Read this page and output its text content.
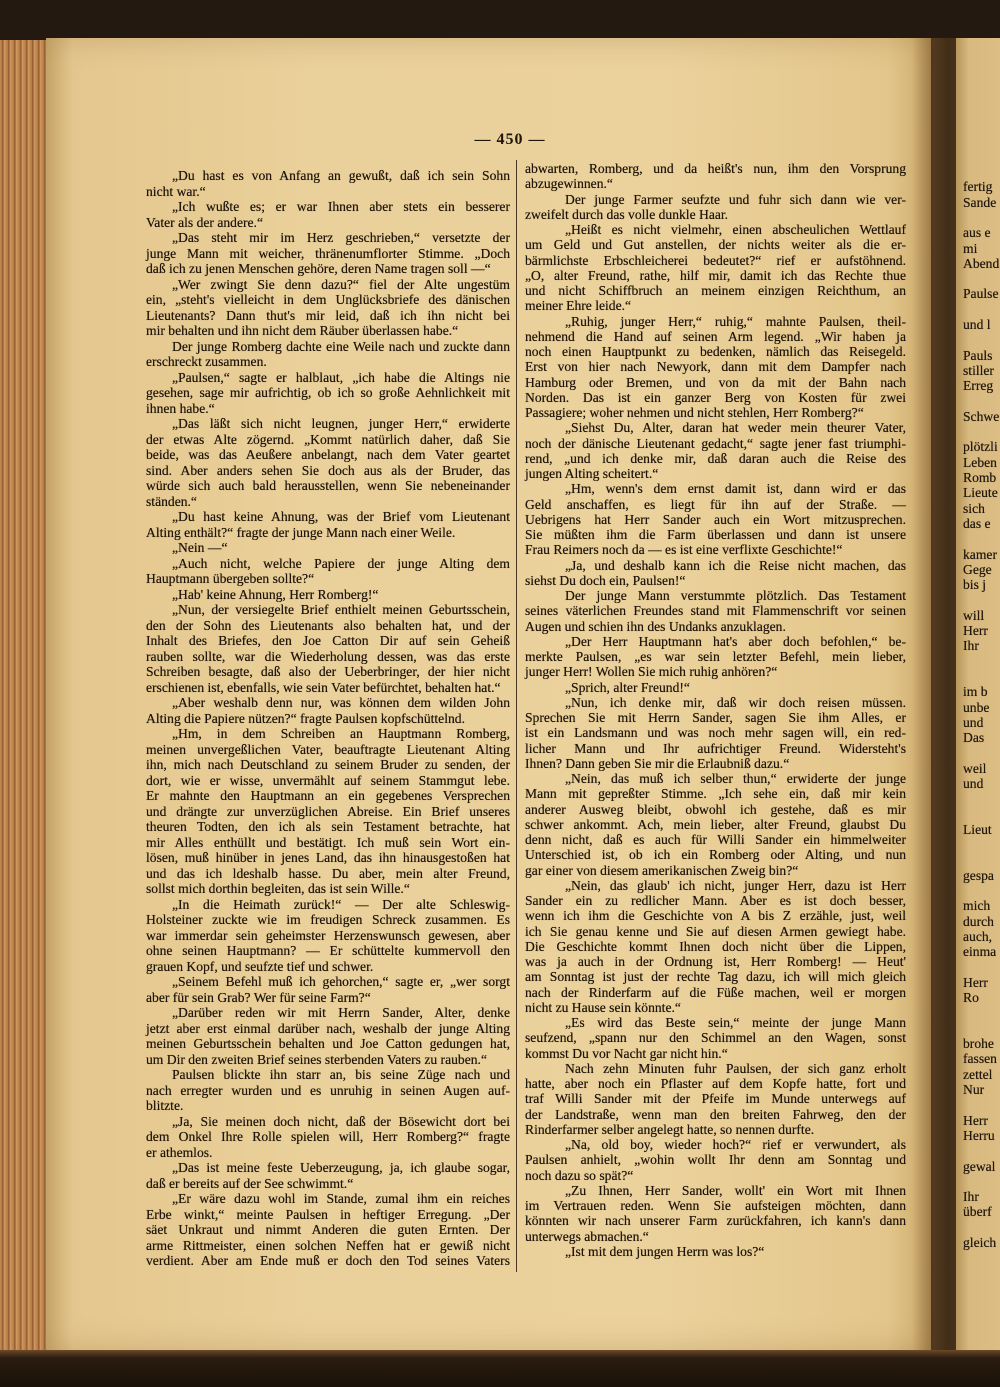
fertig
Sande
aus e
mi
Abend
Paulse
und l
Pauls
stiller
Erreg
Schwe
plötzli
Leben
Romb
Lieute
sich
das e
kamer
Gege
bis j
will
Herr
Ihr
im b
unbe
und
Das
weil
und
Lieut
gespa
mich
durch
auch,
einma
Herr
Ro
brohe
fassen
zettel
Nur
Herr
Herru
gewal
Ihr
überf
gleich
— 450 —
„Du hast es von Anfang an gewußt, daß ich sein Sohn
nicht war.“
„Ich wußte es; er war Ihnen aber stets ein besserer
Vater als der andere.“
„Das steht mir im Herz geschrieben,“ versetzte der
junge Mann mit weicher, thränenumflorter Stimme. „Doch
daß ich zu jenen Menschen gehöre, deren Name tragen soll —“
„Wer zwingt Sie denn dazu?“ fiel der Alte ungestüm
ein, „steht's vielleicht in dem Unglücksbriefe des dänischen
Lieutenants? Dann thut's mir leid, daß ich ihn nicht bei
mir behalten und ihn nicht dem Räuber überlassen habe.“
Der junge Romberg dachte eine Weile nach und zuckte dann
erschreckt zusammen.
„Paulsen,“ sagte er halblaut, „ich habe die Altings nie
gesehen, sage mir aufrichtig, ob ich so große Aehnlichkeit mit
ihnen habe.“
„Das läßt sich nicht leugnen, junger Herr,“ erwiderte
der etwas Alte zögernd. „Kommt natürlich daher, daß Sie
beide, was das Aeußere anbelangt, nach dem Vater geartet
sind. Aber anders sehen Sie doch aus als der Bruder, das
würde sich auch bald herausstellen, wenn Sie nebeneinander
ständen.“
„Du hast keine Ahnung, was der Brief vom Lieutenant
Alting enthält?“ fragte der junge Mann nach einer Weile.
„Nein —“
„Auch nicht, welche Papiere der junge Alting dem
Hauptmann übergeben sollte?“
„Hab' keine Ahnung, Herr Romberg!“
„Nun, der versiegelte Brief enthielt meinen Geburtsschein,
den der Sohn des Lieutenants also behalten hat, und der
Inhalt des Briefes, den Joe Catton Dir auf sein Geheiß
rauben sollte, war die Wiederholung dessen, was das erste
Schreiben besagte, daß also der Ueberbringer, der hier nicht
erschienen ist, ebenfalls, wie sein Vater befürchtet, behalten hat.“
„Aber weshalb denn nur, was können dem wilden John
Alting die Papiere nützen?“ fragte Paulsen kopfschüttelnd.
„Hm, in dem Schreiben an Hauptmann Romberg,
meinen unvergeßlichen Vater, beauftragte Lieutenant Alting
ihn, mich nach Deutschland zu seinem Bruder zu senden, der
dort, wie er wisse, unvermählt auf seinem Stammgut lebe.
Er mahnte den Hauptmann an ein gegebenes Versprechen
und drängte zur unverzüglichen Abreise. Ein Brief unseres
theuren Todten, den ich als sein Testament betrachte, hat
mir Alles enthüllt und bestätigt. Ich muß sein Wort ein-
lösen, muß hinüber in jenes Land, das ihn hinausgestoßen hat
und das ich ldeshalb hasse. Du aber, mein alter Freund,
sollst mich dorthin begleiten, das ist sein Wille.“
„In die Heimath zurück!“ — Der alte Schleswig-
Holsteiner zuckte wie im freudigen Schreck zusammen. Es
war immerdar sein geheimster Herzenswunsch gewesen, aber
ohne seinen Hauptmann? — Er schüttelte kummervoll den
grauen Kopf, und seufzte tief und schwer.
„Seinem Befehl muß ich gehorchen,“ sagte er, „wer sorgt
aber für sein Grab? Wer für seine Farm?“
„Darüber reden wir mit Herrn Sander, Alter, denke
jetzt aber erst einmal darüber nach, weshalb der junge Alting
meinen Geburtsschein behalten und Joe Catton gedungen hat,
um Dir den zweiten Brief seines sterbenden Vaters zu rauben.“
Paulsen blickte ihn starr an, bis seine Züge nach und
nach erregter wurden und es unruhig in seinen Augen auf-
blitzte.
„Ja, Sie meinen doch nicht, daß der Bösewicht dort bei
dem Onkel Ihre Rolle spielen will, Herr Romberg?“ fragte
er athemlos.
„Das ist meine feste Ueberzeugung, ja, ich glaube sogar,
daß er bereits auf der See schwimmt.“
„Er wäre dazu wohl im Stande, zumal ihm ein reiches
Erbe winkt,“ meinte Paulsen in heftiger Erregung. „Der
säet Unkraut und nimmt Anderen die guten Ernten. Der
arme Rittmeister, einen solchen Neffen hat er gewiß nicht
verdient. Aber am Ende muß er doch den Tod seines Vaters
abwarten, Romberg, und da heißt's nun, ihm den Vorsprung
abzugewinnen.“
Der junge Farmer seufzte und fuhr sich dann wie ver-
zweifelt durch das volle dunkle Haar.
„Heißt es nicht vielmehr, einen abscheulichen Wettlauf
um Geld und Gut anstellen, der nichts weiter als die er-
bärmlichste Erbschleicherei bedeutet?“ rief er aufstöhnend.
„O, alter Freund, rathe, hilf mir, damit ich das Rechte thue
und nicht Schiffbruch an meinem einzigen Reichthum, an
meiner Ehre leide.“
„Ruhig, junger Herr,“ ruhig,“ mahnte Paulsen, theil-
nehmend die Hand auf seinen Arm legend. „Wir haben ja
noch einen Hauptpunkt zu bedenken, nämlich das Reisegeld.
Erst von hier nach Newyork, dann mit dem Dampfer nach
Hamburg oder Bremen, und von da mit der Bahn nach
Norden. Das ist ein ganzer Berg von Kosten für zwei
Passagiere; woher nehmen und nicht stehlen, Herr Romberg?“
„Siehst Du, Alter, daran hat weder mein theurer Vater,
noch der dänische Lieutenant gedacht,“ sagte jener fast triumphi-
rend, „und ich denke mir, daß daran auch die Reise des
jungen Alting scheitert.“
„Hm, wenn's dem ernst damit ist, dann wird er das
Geld anschaffen, es liegt für ihn auf der Straße. —
Uebrigens hat Herr Sander auch ein Wort mitzusprechen.
Sie müßten ihm die Farm überlassen und dann ist unsere
Frau Reimers noch da — es ist eine verflixte Geschichte!“
„Ja, und deshalb kann ich die Reise nicht machen, das
siehst Du doch ein, Paulsen!“
Der junge Mann verstummte plötzlich. Das Testament
seines väterlichen Freundes stand mit Flammenschrift vor seinen
Augen und schien ihn des Undanks anzuklagen.
„Der Herr Hauptmann hat's aber doch befohlen,“ be-
merkte Paulsen, „es war sein letzter Befehl, mein lieber,
junger Herr! Wollen Sie mich ruhig anhören?“
„Sprich, alter Freund!“
„Nun, ich denke mir, daß wir doch reisen müssen.
Sprechen Sie mit Herrn Sander, sagen Sie ihm Alles, er
ist ein Landsmann und was noch mehr sagen will, ein red-
licher Mann und Ihr aufrichtiger Freund. Widersteht's
Ihnen? Dann geben Sie mir die Erlaubniß dazu.“
„Nein, das muß ich selber thun,“ erwiderte der junge
Mann mit gepreßter Stimme. „Ich sehe ein, daß mir kein
anderer Ausweg bleibt, obwohl ich gestehe, daß es mir
schwer ankommt. Ach, mein lieber, alter Freund, glaubst Du
denn nicht, daß es auch für Willi Sander ein himmelweiter
Unterschied ist, ob ich ein Romberg oder Alting, und nun
gar einer von diesem amerikanischen Zweig bin?“
„Nein, das glaub' ich nicht, junger Herr, dazu ist Herr
Sander ein zu redlicher Mann. Aber es ist doch besser,
wenn ich ihm die Geschichte von A bis Z erzähle, just, weil
ich Sie genau kenne und Sie auf diesen Armen gewiegt habe.
Die Geschichte kommt Ihnen doch nicht über die Lippen,
was ja auch in der Ordnung ist, Herr Romberg! — Heut'
am Sonntag ist just der rechte Tag dazu, ich will mich gleich
nach der Rinderfarm auf die Füße machen, weil er morgen
nicht zu Hause sein könnte.“
„Es wird das Beste sein,“ meinte der junge Mann
seufzend, „spann nur den Schimmel an den Wagen, sonst
kommst Du vor Nacht gar nicht hin.“
Nach zehn Minuten fuhr Paulsen, der sich ganz erholt
hatte, aber noch ein Pflaster auf dem Kopfe hatte, fort und
traf Willi Sander mit der Pfeife im Munde unterwegs auf
der Landstraße, wenn man den breiten Fahrweg, den der
Rinderfarmer selber angelegt hatte, so nennen durfte.
„Na, old boy, wieder hoch?“ rief er verwundert, als
Paulsen anhielt, „wohin wollt Ihr denn am Sonntag und
noch dazu so spät?“
„Zu Ihnen, Herr Sander, wollt' ein Wort mit Ihnen
im Vertrauen reden. Wenn Sie aufsteigen möchten, dann
könnten wir nach unserer Farm zurückfahren, ich kann's dann
unterwegs abmachen.“
„Ist mit dem jungen Herrn was los?“
